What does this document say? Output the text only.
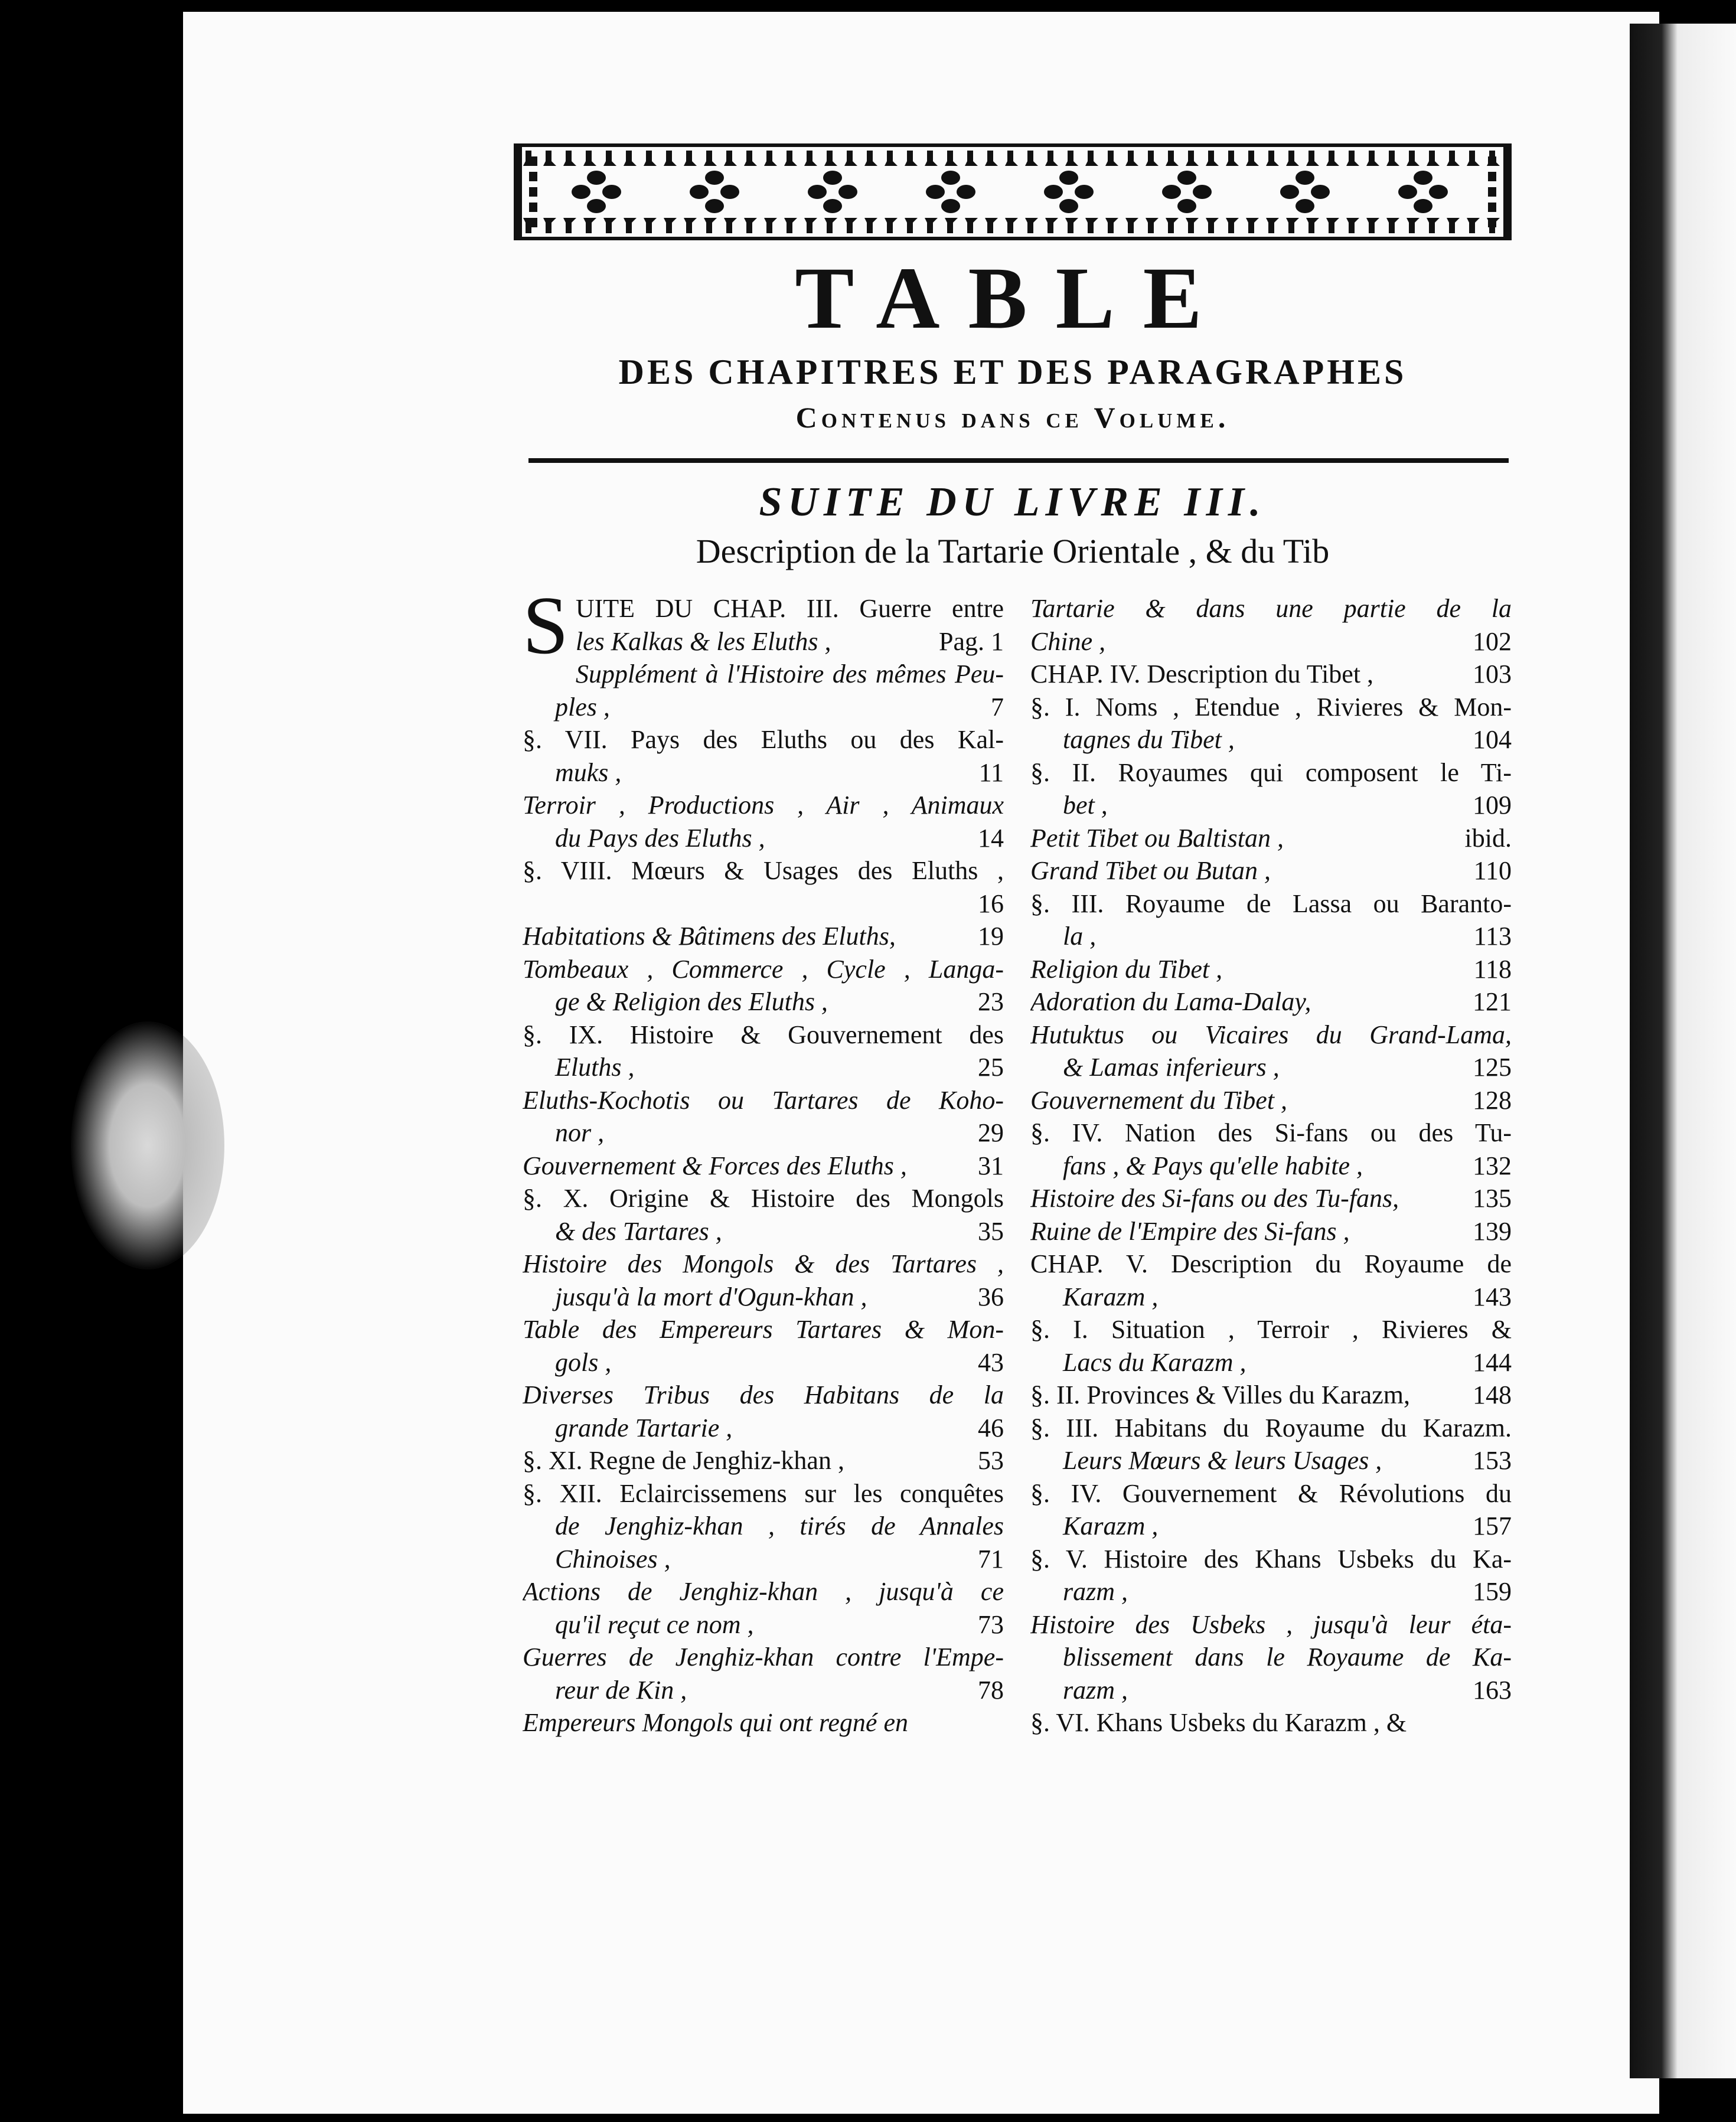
TABLE
DES CHAPITRES ET DES PARAGRAPHES
Contenus dans ce Volume.
SUITE DU LIVRE III.
Description de la Tartarie Orientale , & du Tib
SUITE DU CHAP. III. Guerre entre
les Kalkas & les Eluths ,	Pag. 1
Supplément à l'Histoire des mêmes Peu-
ples ,	7
§. VII. Pays des Eluths ou des Kal-
muks ,	11
Terroir , Productions , Air , Animaux
du Pays des Eluths ,	14
§. VIII. Mœurs & Usages des Eluths ,
16
Habitations & Bâtimens des Eluths,	19
Tombeaux , Commerce , Cycle , Langa-
ge & Religion des Eluths ,	23
§. IX. Histoire & Gouvernement des
Eluths ,	25
Eluths-Kochotis ou Tartares de Koho-
nor ,	29
Gouvernement & Forces des Eluths ,	31
§. X. Origine & Histoire des Mongols
& des Tartares ,	35
Histoire des Mongols & des Tartares ,
jusqu'à la mort d'Ogun-khan ,	36
Table des Empereurs Tartares & Mon-
gols ,	43
Diverses Tribus des Habitans de la
grande Tartarie ,	46
§. XI. Regne de Jenghiz-khan ,	53
§. XII. Eclaircissemens sur les conquêtes
de Jenghiz-khan , tirés de Annales
Chinoises ,	71
Actions de Jenghiz-khan , jusqu'à ce
qu'il reçut ce nom ,	73
Guerres de Jenghiz-khan contre l'Empe-
reur de Kin ,	78
Empereurs Mongols qui ont regné en
Tartarie & dans une partie de la
Chine ,	102
CHAP. IV. Description du Tibet ,	103
§. I. Noms , Etendue , Rivieres & Mon-
tagnes du Tibet ,	104
§. II. Royaumes qui composent le Ti-
bet ,	109
Petit Tibet ou Baltistan ,	ibid.
Grand Tibet ou Butan ,	110
§. III. Royaume de Lassa ou Baranto-
la ,	113
Religion du Tibet ,	118
Adoration du Lama-Dalay,	121
Hutuktus ou Vicaires du Grand-Lama,
& Lamas inferieurs ,	125
Gouvernement du Tibet ,	128
§. IV. Nation des Si-fans ou des Tu-
fans , & Pays qu'elle habite ,	132
Histoire des Si-fans ou des Tu-fans,	135
Ruine de l'Empire des Si-fans ,	139
CHAP. V. Description du Royaume de
Karazm ,	143
§. I. Situation , Terroir , Rivieres &
Lacs du Karazm ,	144
§. II. Provinces & Villes du Karazm, 148
§. III. Habitans du Royaume du Karazm.
Leurs Mœurs & leurs Usages ,	153
§. IV. Gouvernement & Révolutions du
Karazm ,	157
§. V. Histoire des Khans Usbeks du Ka-
razm ,	159
Histoire des Usbeks , jusqu'à leur éta-
blissement dans le Royaume de Ka-
razm ,	163
§. VI. Khans Usbeks du Karazm , &
